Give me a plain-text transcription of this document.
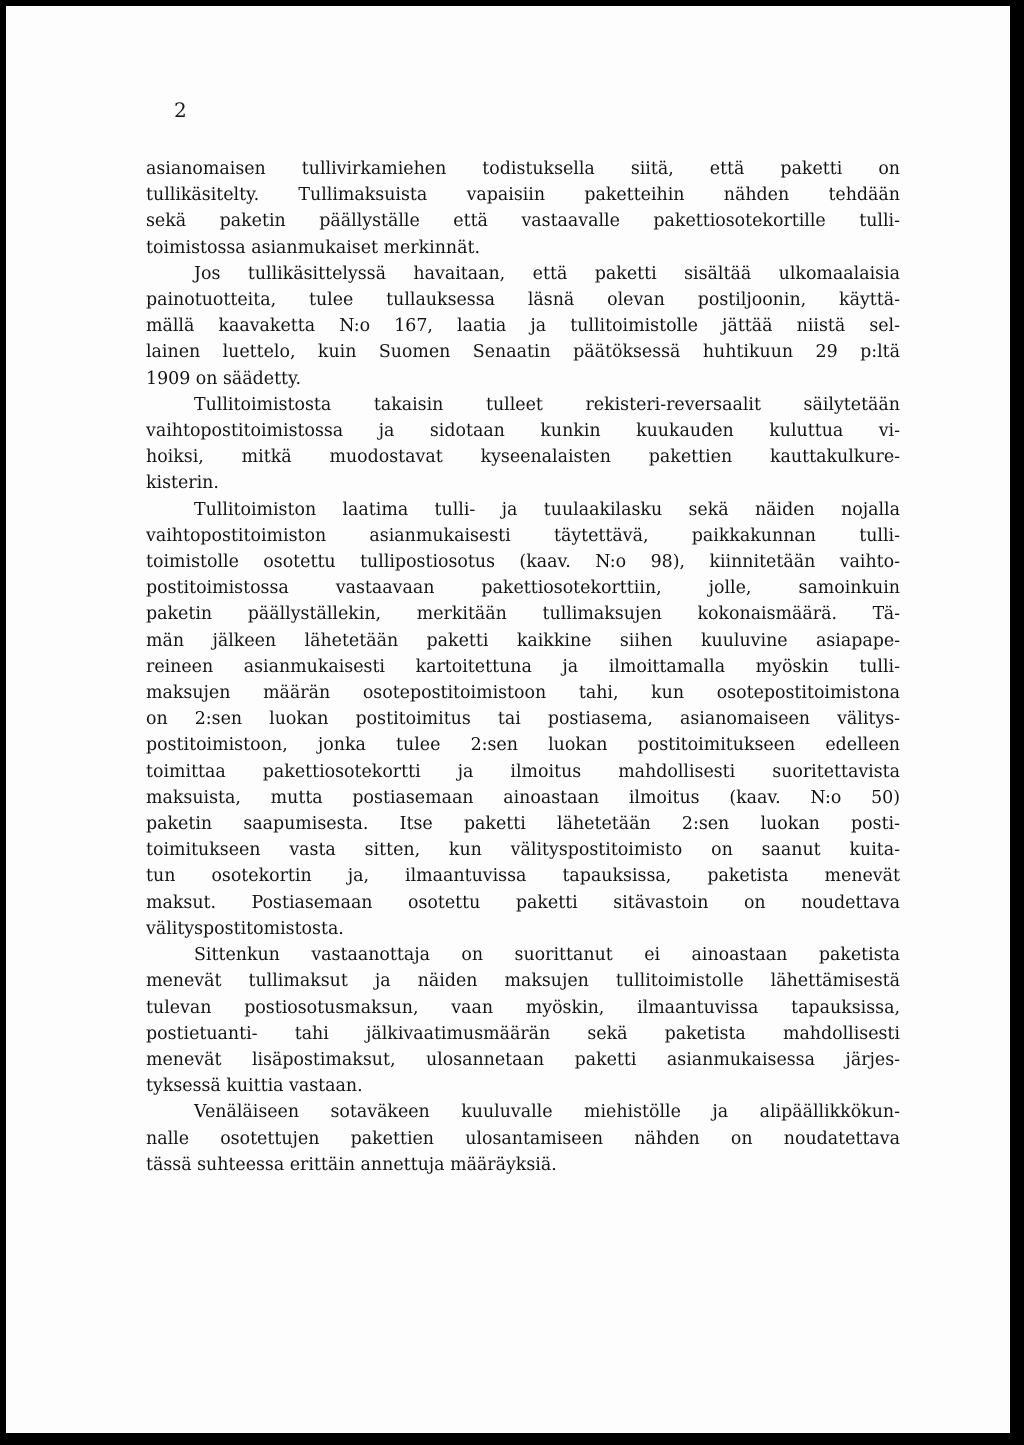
2
asianomaisen tullivirkamiehen todistuksella siitä, että paketti on
tullikäsitelty. Tullimaksuista vapaisiin paketteihin nähden tehdään
sekä paketin päällyställe että vastaavalle pakettiosotekortille tulli-
toimistossa asianmukaiset merkinnät.
Jos tullikäsittelyssä havaitaan, että paketti sisältää ulkomaalaisia
painotuotteita, tulee tullauksessa läsnä olevan postiljoonin, käyttä-
mällä kaavaketta N:o 167, laatia ja tullitoimistolle jättää niistä sel-
lainen luettelo, kuin Suomen Senaatin päätöksessä huhtikuun 29 p:ltä
1909 on säädetty.
Tullitoimistosta takaisin tulleet rekisteri-reversaalit säilytetään
vaihtopostitoimistossa ja sidotaan kunkin kuukauden kuluttua vi-
hoiksi, mitkä muodostavat kyseenalaisten pakettien kauttakulkure-
kisterin.
Tullitoimiston laatima tulli- ja tuulaakilasku sekä näiden nojalla
vaihtopostitoimiston asianmukaisesti täytettävä, paikkakunnan tulli-
toimistolle osotettu tullipostiosotus (kaav. N:o 98), kiinnitetään vaihto-
postitoimistossa vastaavaan pakettiosotekorttiin, jolle, samoinkuin
paketin päällyställekin, merkitään tullimaksujen kokonaismäärä. Tä-
män jälkeen lähetetään paketti kaikkine siihen kuuluvine asiapape-
reineen asianmukaisesti kartoitettuna ja ilmoittamalla myöskin tulli-
maksujen määrän osotepostitoimistoon tahi, kun osotepostitoimistona
on 2:sen luokan postitoimitus tai postiasema, asianomaiseen välitys-
postitoimistoon, jonka tulee 2:sen luokan postitoimitukseen edelleen
toimittaa pakettiosotekortti ja ilmoitus mahdollisesti suoritettavista
maksuista, mutta postiasemaan ainoastaan ilmoitus (kaav. N:o 50)
paketin saapumisesta. Itse paketti lähetetään 2:sen luokan posti-
toimitukseen vasta sitten, kun välityspostitoimisto on saanut kuita-
tun osotekortin ja, ilmaantuvissa tapauksissa, paketista menevät
maksut. Postiasemaan osotettu paketti sitävastoin on noudettava
välityspostitomistosta.
Sittenkun vastaanottaja on suorittanut ei ainoastaan paketista
menevät tullimaksut ja näiden maksujen tullitoimistolle lähettämisestä
tulevan postiosotusmaksun, vaan myöskin, ilmaantuvissa tapauksissa,
postietuanti- tahi jälkivaatimusmäärän sekä paketista mahdollisesti
menevät lisäpostimaksut, ulosannetaan paketti asianmukaisessa järjes-
tyksessä kuittia vastaan.
Venäläiseen sotaväkeen kuuluvalle miehistölle ja alipäällikkökun-
nalle osotettujen pakettien ulosantamiseen nähden on noudatettava
tässä suhteessa erittäin annettuja määräyksiä.
